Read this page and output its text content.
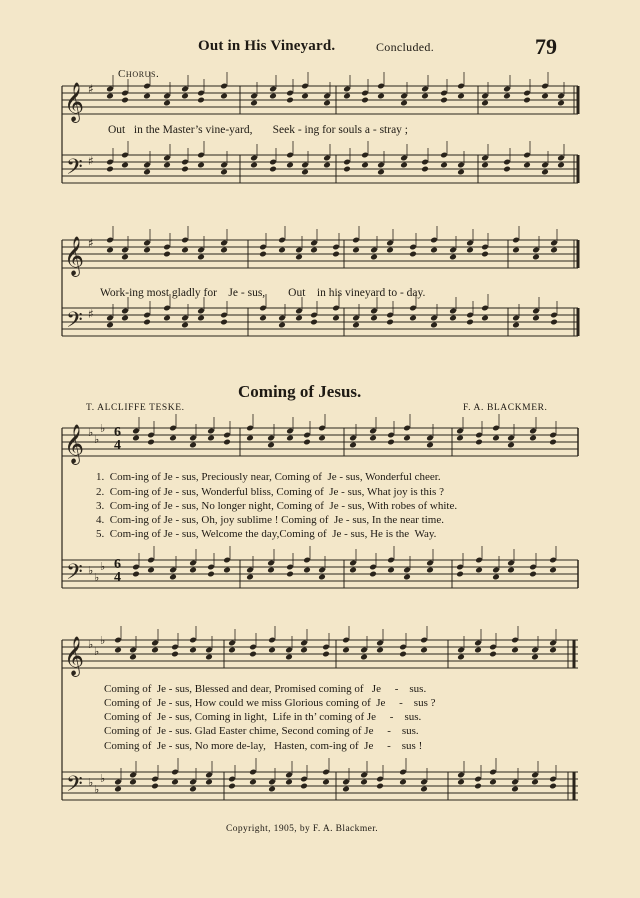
Out in His Vineyard.	Concluded.	79
Chorus.
𝄞
𝄢
𝄞
𝄢
𝄞
𝄢
𝄞
𝄢
♯
♯
♯
♯
♭
♭
♭
♭
♭
♭
♭
♭
♭
♭
♭
♭
6
4
6
4
Out   in the Master’s vine-yard,       Seek - ing for souls a - stray ;
Work-ing most gladly for    Je - sus,        Out    in his vineyard to - day.
Coming of Jesus.
T. ALCLIFFE TESKE.	F. A. BLACKMER.
1.  Com-ing of Je - sus, Preciously near, Coming of  Je - sus, Wonderful cheer.
2.  Com-ing of Je - sus, Wonderful bliss, Coming of  Je - sus, What joy is this ?
3.  Com-ing of Je - sus, No longer night, Coming of  Je - sus, With robes of white.
4.  Com-ing of Je - sus, Oh, joy sublime ! Coming of  Je - sus, In the near time.
5.  Com-ing of Je - sus, Welcome the day,Coming of  Je - sus, He is the  Way.
Coming of  Je - sus, Blessed and dear, Promised coming of   Je     -    sus.
Coming of  Je - sus, How could we miss Glorious coming of  Je     -    sus ?
Coming of  Je - sus, Coming in light,  Life in th’ coming of Je     -    sus.
Coming of  Je - sus. Glad Easter chime, Second coming of Je     -    sus.
Coming of  Je - sus, No more de-lay,   Hasten, com-ing of  Je     -    sus !
Copyright, 1905, by F. A. Blackmer.
